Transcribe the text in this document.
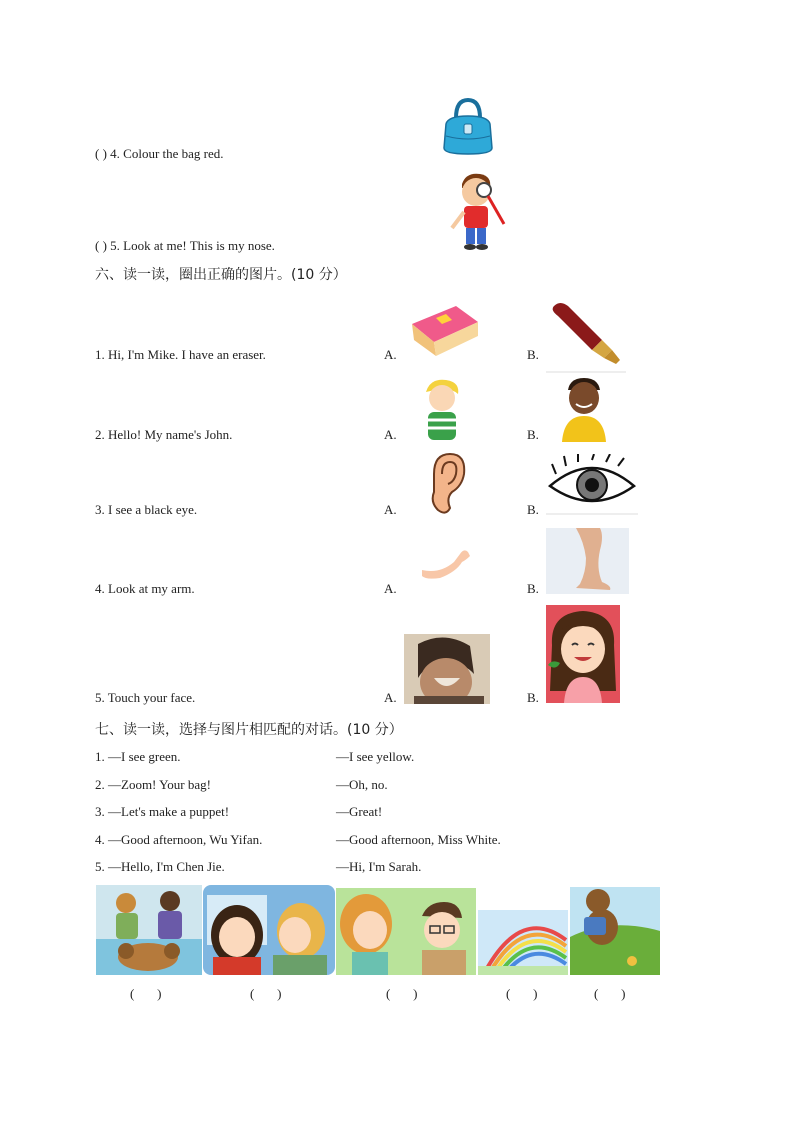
( ) 4. Colour the bag red.
( ) 5. Look at me! This is my nose.
六、读一读，圈出正确的图片。(10 分）
1. Hi, I'm Mike. I have an eraser.	A.	B.
2. Hello! My name's John.	A.	B.
3. I see a black eye.	A.	B.
4. Look at my arm.	A.	B.
5. Touch your face.	A.	B.
七、读一读，选择与图片相匹配的对话。(10 分）
1. —I see green.	—I see yellow.
2. —Zoom! Your bag!	—Oh, no.
3. —Let's make a puppet!	—Great!
4. —Good afternoon, Wu Yifan.	—Good afternoon, Miss White.
5. —Hello, I'm Chen Jie.	—Hi, I'm Sarah.
(       )	(       )	(       )	(       )	(       )
